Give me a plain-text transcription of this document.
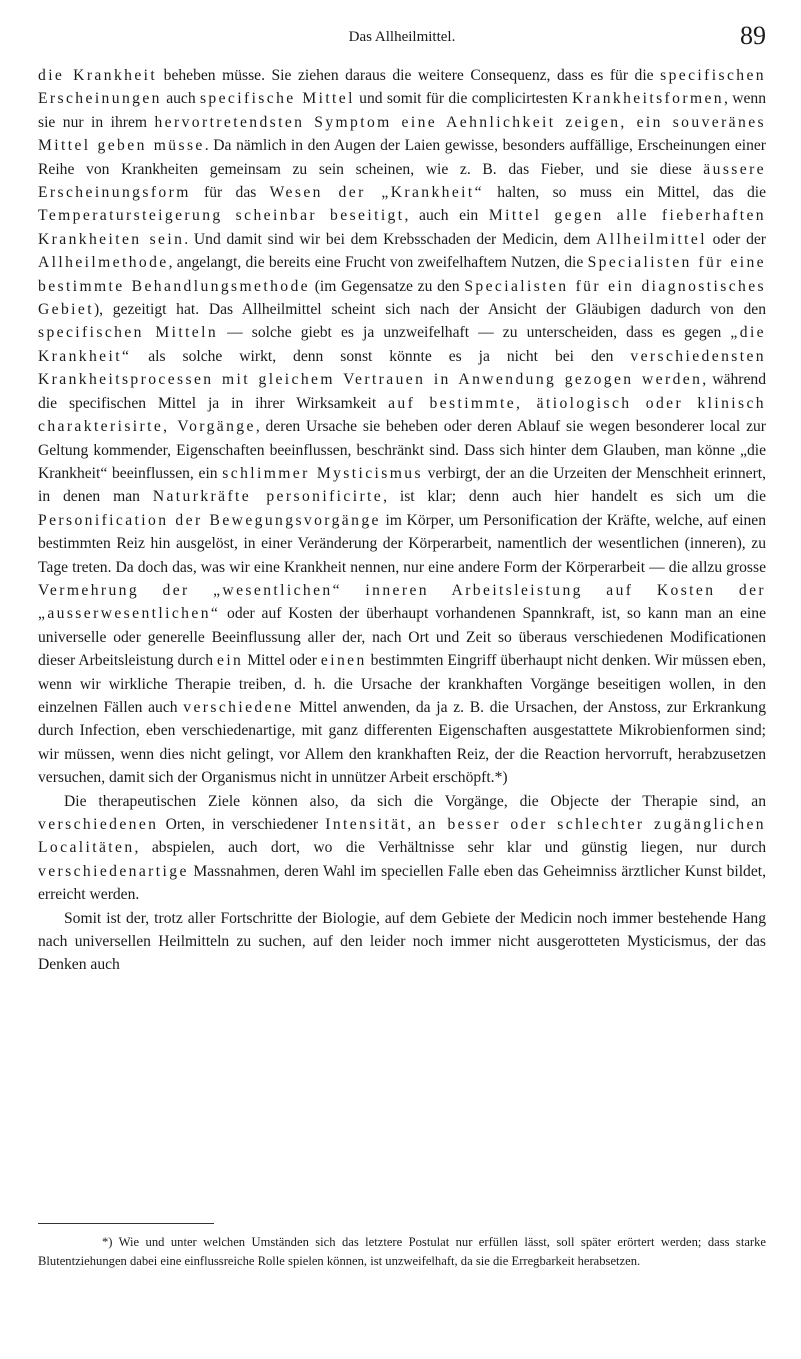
Das Allheilmittel.	89

die Krankheit beheben müsse. Sie ziehen daraus die weitere Consequenz, dass es für die specifischen Erscheinungen auch specifische Mittel und somit für die complicirtesten Krankheitsformen, wenn sie nur in ihrem hervortretendsten Symptom eine Aehnlichkeit zeigen, ein souveränes Mittel geben müsse. Da nämlich in den Augen der Laien gewisse, besonders auffällige, Erscheinungen einer Reihe von Krankheiten gemeinsam zu sein scheinen, wie z. B. das Fieber, und sie diese äussere Erscheinungsform für das Wesen der „Krankheit“ halten, so muss ein Mittel, das die Temperatursteigerung scheinbar beseitigt, auch ein Mittel gegen alle fieberhaften Krankheiten sein. Und damit sind wir bei dem Krebsschaden der Medicin, dem Allheilmittel oder der Allheilmethode, angelangt, die bereits eine Frucht von zweifelhaftem Nutzen, die Specialisten für eine bestimmte Behandlungsmethode (im Gegensatze zu den Specialisten für ein diagnostisches Gebiet), gezeitigt hat. Das Allheilmittel scheint sich nach der Ansicht der Gläubigen dadurch von den specifischen Mitteln — solche giebt es ja unzweifelhaft — zu unterscheiden, dass es gegen „die Krankheit“ als solche wirkt, denn sonst könnte es ja nicht bei den verschiedensten Krankheitsprocessen mit gleichem Vertrauen in Anwendung gezogen werden, während die specifischen Mittel ja in ihrer Wirksamkeit auf bestimmte, ätiologisch oder klinisch charakterisirte, Vorgänge, deren Ursache sie beheben oder deren Ablauf sie wegen besonderer local zur Geltung kommender, Eigenschaften beeinflussen, beschränkt sind. Dass sich hinter dem Glauben, man könne „die Krankheit“ beeinflussen, ein schlimmer Mysticismus verbirgt, der an die Urzeiten der Menschheit erinnert, in denen man Naturkräfte personificirte, ist klar; denn auch hier handelt es sich um die Personification der Bewegungsvorgänge im Körper, um Personification der Kräfte, welche, auf einen bestimmten Reiz hin ausgelöst, in einer Veränderung der Körperarbeit, namentlich der wesentlichen (inneren), zu Tage treten. Da doch das, was wir eine Krankheit nennen, nur eine andere Form der Körperarbeit — die allzu grosse Vermehrung der „wesentlichen“ inneren Arbeitsleistung auf Kosten der „ausserwesentlichen“ oder auf Kosten der überhaupt vorhandenen Spannkraft, ist, so kann man an eine universelle oder generelle Beeinflussung aller der, nach Ort und Zeit so überaus verschiedenen Modificationen dieser Arbeitsleistung durch ein Mittel oder einen bestimmten Eingriff überhaupt nicht denken. Wir müssen eben, wenn wir wirkliche Therapie treiben, d. h. die Ursache der krankhaften Vorgänge beseitigen wollen, in den einzelnen Fällen auch verschiedene Mittel anwenden, da ja z. B. die Ursachen, der Anstoss, zur Erkrankung durch Infection, eben verschiedenartige, mit ganz differenten Eigenschaften ausgestattete Mikrobienformen sind; wir müssen, wenn dies nicht gelingt, vor Allem den krankhaften Reiz, der die Reaction hervorruft, herabzusetzen versuchen, damit sich der Organismus nicht in unnützer Arbeit erschöpft.*)

Die therapeutischen Ziele können also, da sich die Vorgänge, die Objecte der Therapie sind, an verschiedenen Orten, in verschiedener Intensität, an besser oder schlechter zugänglichen Localitäten, abspielen, auch dort, wo die Verhältnisse sehr klar und günstig liegen, nur durch verschiedenartige Massnahmen, deren Wahl im speciellen Falle eben das Geheimniss ärztlicher Kunst bildet, erreicht werden.

Somit ist der, trotz aller Fortschritte der Biologie, auf dem Gebiete der Medicin noch immer bestehende Hang nach universellen Heilmitteln zu suchen, auf den leider noch immer nicht ausgerotteten Mysticismus, der das Denken auch

*) Wie und unter welchen Umständen sich das letztere Postulat nur erfüllen lässt, soll später erörtert werden; dass starke Blutentziehungen dabei eine einflussreiche Rolle spielen können, ist unzweifelhaft, da sie die Erregbarkeit herabsetzen.
